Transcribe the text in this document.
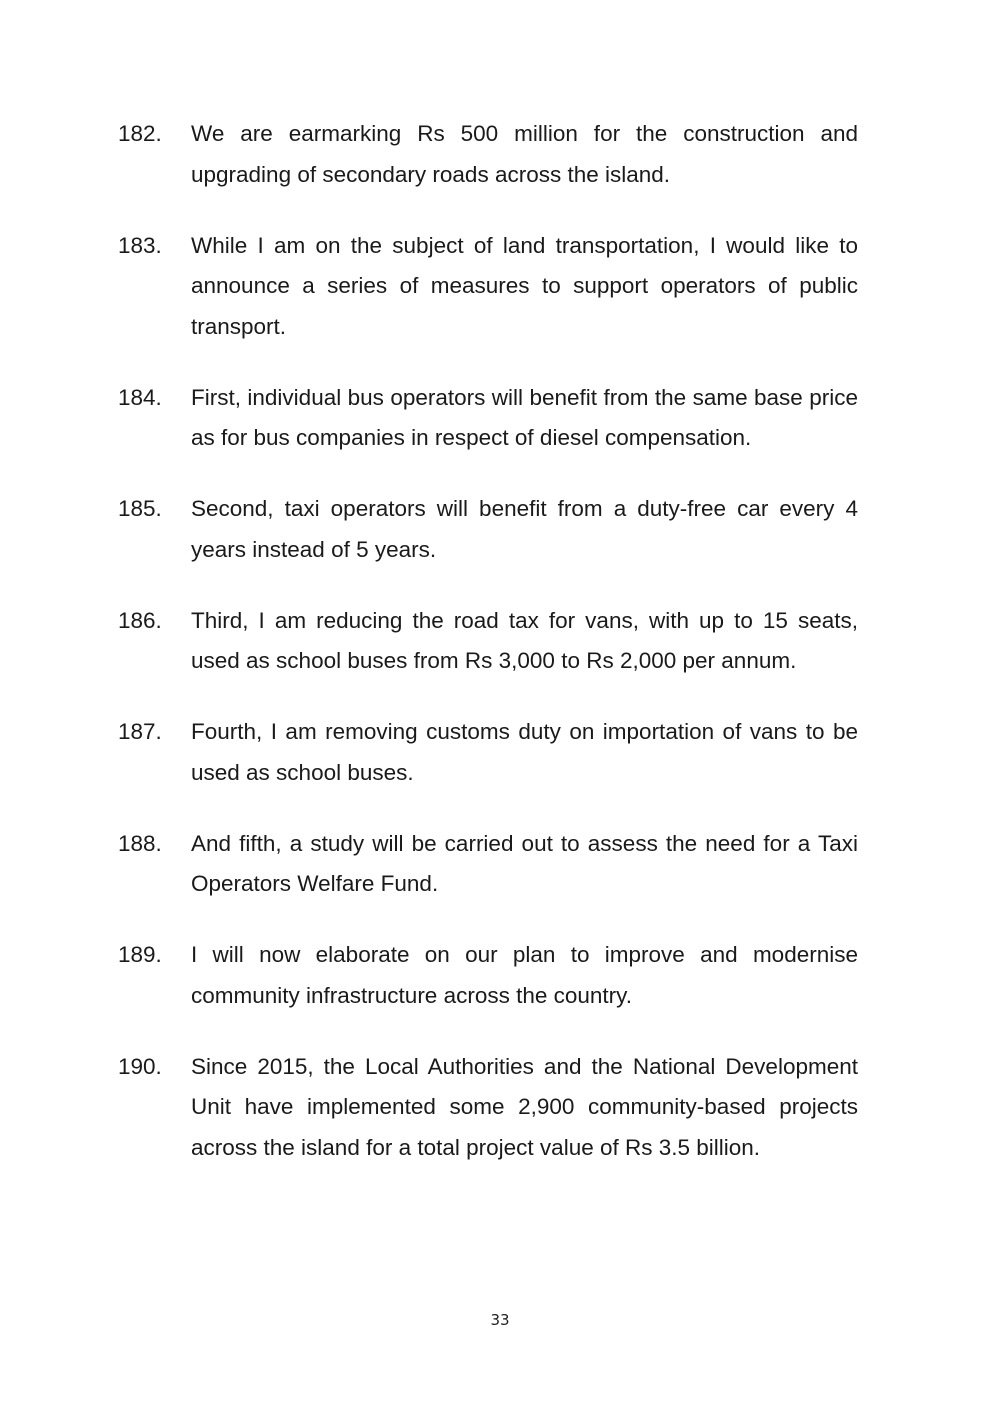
182.	We are earmarking Rs 500 million for the construction and upgrading of secondary roads across the island.
183.	While I am on the subject of land transportation, I would like to announce a series of measures to support operators of public transport.
184.	First, individual bus operators will benefit from the same base price as for bus companies in respect of diesel compensation.
185.	Second, taxi operators will benefit from a duty-free car every 4 years instead of 5 years.
186.	Third, I am reducing the road tax for vans, with up to 15 seats, used as school buses from Rs 3,000 to Rs 2,000 per annum.
187.	Fourth, I am removing customs duty on importation of vans to be used as school buses.
188.	And fifth, a study will be carried out to assess the need for a Taxi Operators Welfare Fund.
189.	I will now elaborate on our plan to improve and modernise community infrastructure across the country.
190.	Since 2015, the Local Authorities and the National Development Unit have implemented some 2,900 community-based projects across the island for a total project value of Rs 3.5 billion.
33
